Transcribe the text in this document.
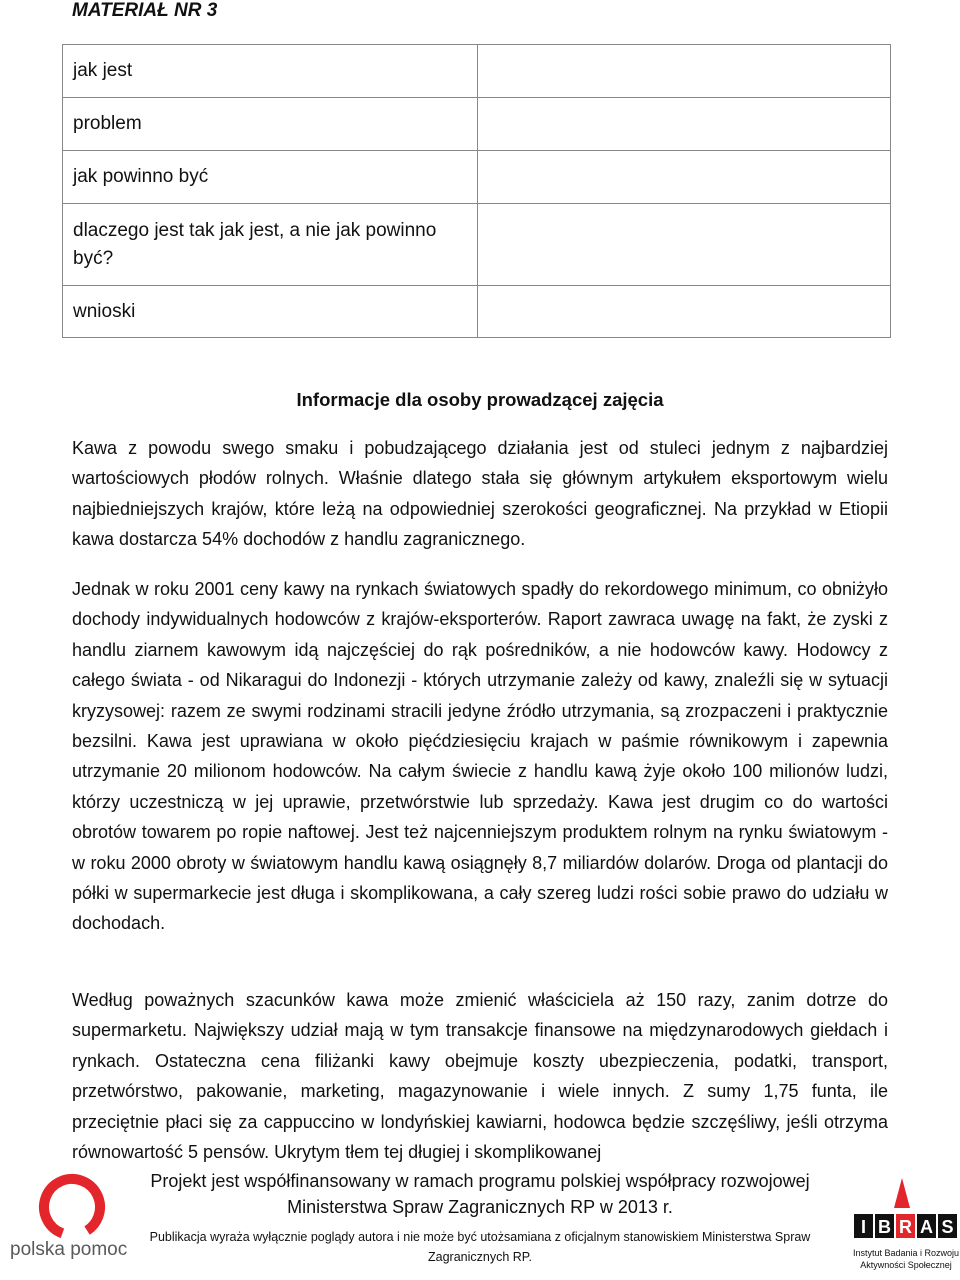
MATERIAŁ NR 3
jak jest	
problem	
jak powinno być	
dlaczego jest tak jak jest, a nie jak powinno być?	
wnioski	
Informacje dla osoby prowadzącej zajęcia
Kawa z powodu swego smaku i pobudzającego działania jest od stuleci jednym z najbardziej wartościowych płodów rolnych. Właśnie dlatego stała się głównym artykułem eksportowym wielu najbiedniejszych krajów, które leżą na odpowiedniej szerokości geograficznej. Na przykład w Etiopii kawa dostarcza 54% dochodów z handlu zagranicznego.
Jednak w roku 2001 ceny kawy na rynkach światowych spadły do rekordowego minimum, co obniżyło dochody indywidualnych hodowców z krajów-eksporterów. Raport zawraca uwagę na fakt, że zyski z handlu ziarnem kawowym idą najczęściej do rąk pośredników, a nie hodowców kawy. Hodowcy z całego świata - od Nikaragui do Indonezji - których utrzymanie zależy od kawy, znaleźli się w sytuacji kryzysowej: razem ze swymi rodzinami stracili jedyne źródło utrzymania, są zrozpaczeni i praktycznie bezsilni. Kawa jest uprawiana w około pięćdziesięciu krajach w paśmie równikowym i zapewnia utrzymanie 20 milionom hodowców. Na całym świecie z handlu kawą żyje około 100 milionów ludzi, którzy uczestniczą w jej uprawie, przetwórstwie lub sprzedaży. Kawa jest drugim co do wartości obrotów towarem po ropie naftowej. Jest też najcenniejszym produktem rolnym na rynku światowym - w roku 2000 obroty w światowym handlu kawą osiągnęły 8,7 miliardów dolarów. Droga od plantacji do półki w supermarkecie jest długa i skomplikowana, a cały szereg ludzi rości sobie prawo do udziału w dochodach.
Według poważnych szacunków kawa może zmienić właściciela aż 150 razy, zanim dotrze do supermarketu. Największy udział mają w tym transakcje finansowe na międzynarodowych giełdach i rynkach. Ostateczna cena filiżanki kawy obejmuje koszty ubezpieczenia, podatki, transport, przetwórstwo, pakowanie, marketing, magazynowanie i wiele innych. Z sumy 1,75 funta, ile przeciętnie płaci się za cappuccino w londyńskiej kawiarni, hodowca będzie szczęśliwy, jeśli otrzyma równowartość 5 pensów. Ukrytym tłem tej długiej i skomplikowanej
Projekt jest współfinansowany w ramach programu polskiej współpracy rozwojowej Ministerstwa Spraw Zagranicznych RP w 2013 r.
Publikacja wyraża wyłącznie poglądy autora i nie może być utożsamiana z oficjalnym stanowiskiem Ministerstwa Spraw Zagranicznych RP.
polska pomoc
I B R A S
Instytut Badania i Rozwoju
Aktywności Społecznej
